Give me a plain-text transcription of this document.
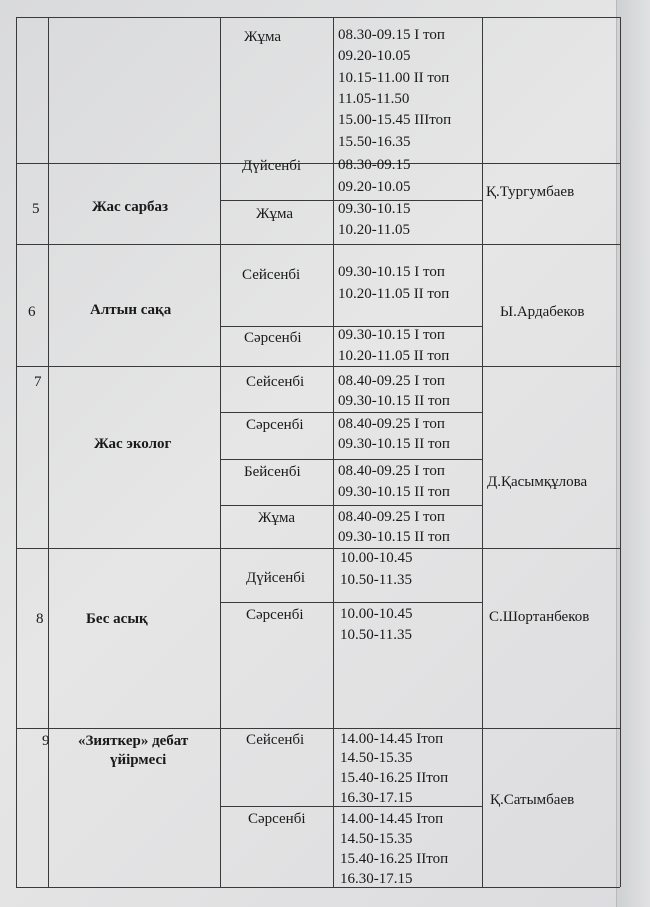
Жұма	08.30-09.15 I топ
09.20-10.05
10.15-11.00 II топ
11.05-11.50
15.00-15.45 IIIтоп
15.50-16.35
5	Жас сарбаз
Дүйсенбі 08.30-09.15
09.20-10.05
Жұма	09.30-10.15
10.20-11.05
Қ.Тургумбаев
6	Алтын сақа
Сейсенбі	09.30-10.15 I топ
10.20-11.05 II топ
Сәрсенбі 09.30-10.15 I топ
10.20-11.05 II топ
Ы.Ардабеков
7
Жас эколог
Сейсенбі 08.40-09.25 I топ
09.30-10.15 II топ
Сәрсенбі 08.40-09.25 I топ
09.30-10.15 II топ
Бейсенбі 08.40-09.25 I топ
09.30-10.15 II топ
Жұма	08.40-09.25 I топ
09.30-10.15 II топ
Д.Қасымқұлова
8	Бес асық
Дүйсенбі
10.00-10.45
10.50-11.35
Сәрсенбі 10.00-10.45
10.50-11.35
С.Шортанбеков
9 «Зияткер» дебат
үйірмесі
Сейсенбі 14.00-14.45 Iтоп
14.50-15.35
15.40-16.25 IIтоп
16.30-17.15
Сәрсенбі 14.00-14.45 Iтоп
14.50-15.35
15.40-16.25 IIтоп
16.30-17.15
Қ.Сатымбаев
